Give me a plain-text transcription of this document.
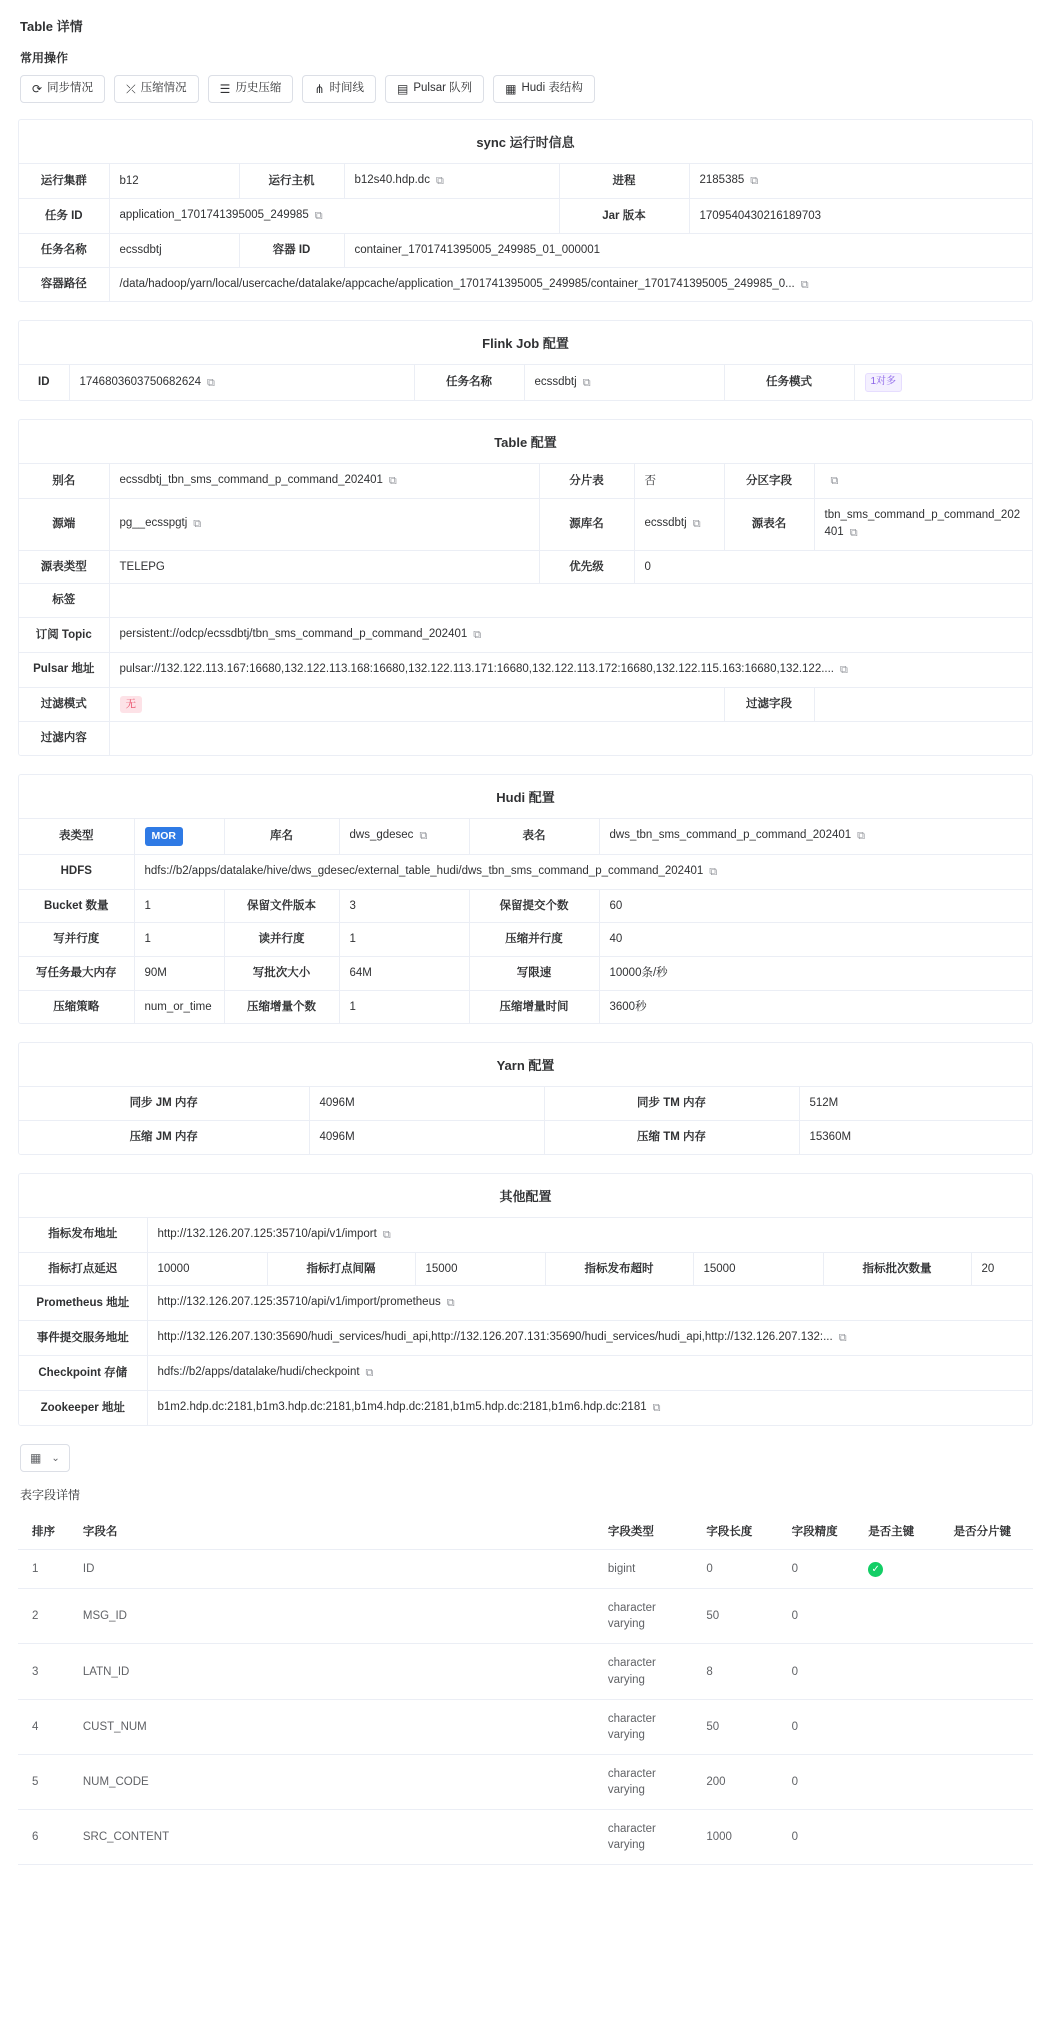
Table 详情
常用操作
⟳ 同步情况	⤫ 压缩情况	☰ 历史压缩	⋔ 时间线	▤ Pulsar 队列	▦ Hudi 表结构
sync 运行时信息
运行集群	b12	运行主机	b12s40.hdp.dc ⧉	进程	2185385 ⧉
任务 ID	application_1701741395005_249985 ⧉			Jar 版本	1709540430216189703
任务名称	ecssdbtj	容器 ID	container_1701741395005_249985_01_000001		
容器路径	/data/hadoop/yarn/local/usercache/datalake/appcache/application_1701741395005_249985/container_1701741395005_249985_0... ⧉				
Flink Job 配置
ID	1746803603750682624 ⧉	任务名称	ecssdbtj ⧉	任务模式	1对多
Table 配置
别名	ecssdbtj_tbn_sms_command_p_command_202401 ⧉	分片表	否	分区字段	⧉
源端	pg__ecsspgtj ⧉	源库名	ecssdbtj ⧉	源表名	tbn_sms_command_p_command_202401 ⧉
源表类型	TELEPG	优先级	0		
标签					
订阅 Topic	persistent://odcp/ecssdbtj/tbn_sms_command_p_command_202401 ⧉				
Pulsar 地址	pulsar://132.122.113.167:16680,132.122.113.168:16680,132.122.113.171:16680,132.122.113.172:16680,132.122.115.163:16680,132.122.... ⧉				
过滤模式	无			过滤字段	
过滤内容					
Hudi 配置
表类型	MOR	库名	dws_gdesec ⧉	表名	dws_tbn_sms_command_p_command_202401 ⧉
HDFS	hdfs://b2/apps/datalake/hive/dws_gdesec/external_table_hudi/dws_tbn_sms_command_p_command_202401 ⧉				
Bucket 数量	1	保留文件版本	3	保留提交个数	60
写并行度	1	读并行度	1	压缩并行度	40
写任务最大内存	90M	写批次大小	64M	写限速	10000条/秒
压缩策略	num_or_time	压缩增量个数	1	压缩增量时间	3600秒
Yarn 配置
同步 JM 内存	4096M	同步 TM 内存	512M
压缩 JM 内存	4096M	压缩 TM 内存	15360M
其他配置
指标发布地址	http://132.126.207.125:35710/api/v1/import ⧉						
指标打点延迟	10000	指标打点间隔	15000	指标发布超时	15000	指标批次数量	20
Prometheus 地址	http://132.126.207.125:35710/api/v1/import/prometheus ⧉						
事件提交服务地址	http://132.126.207.130:35690/hudi_services/hudi_api,http://132.126.207.131:35690/hudi_services/hudi_api,http://132.126.207.132:... ⧉						
Checkpoint 存储	hdfs://b2/apps/datalake/hudi/checkpoint ⧉						
Zookeeper 地址	b1m2.hdp.dc:2181,b1m3.hdp.dc:2181,b1m4.hdp.dc:2181,b1m5.hdp.dc:2181,b1m6.hdp.dc:2181 ⧉						
▦ ⌄
表字段详情
排序	字段名	字段类型	字段长度	字段精度	是否主键	是否分片键
1	ID	bigint	0	0	✓	
2	MSG_ID	character varying	50	0		
3	LATN_ID	character varying	8	0		
4	CUST_NUM	character varying	50	0		
5	NUM_CODE	character varying	200	0		
6	SRC_CONTENT	character varying	1000	0		
